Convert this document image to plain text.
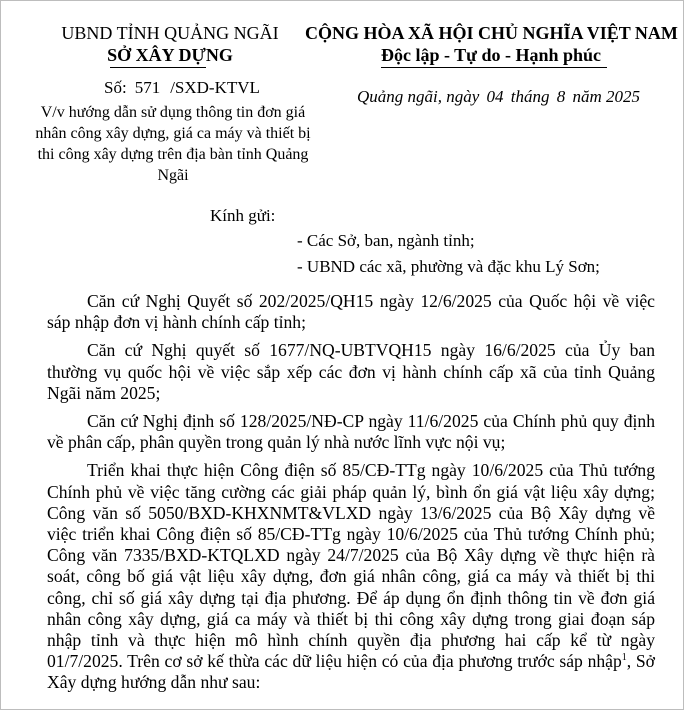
UBND TỈNH QUẢNG NGÃI
SỞ XÂY DỰNG
CỘNG HÒA XÃ HỘI CHỦ NGHĨA VIỆT NAM
Độc lập - Tự do - Hạnh phúc
Số: 571 /SXD-KTVL	Quảng ngãi, ngày 04 tháng 8 năm 2025
V/v hướng dẫn sử dụng thông tin đơn giá nhân công xây dựng, giá ca máy và thiết bị thi công xây dựng trên địa bàn tỉnh Quảng Ngãi
Kính gửi:
- Các Sở, ban, ngành tỉnh;
- UBND các xã, phường và đặc khu Lý Sơn;

Căn cứ Nghị Quyết số 202/2025/QH15 ngày 12/6/2025 của Quốc hội về việc sáp nhập đơn vị hành chính cấp tỉnh;

Căn cứ Nghị quyết số 1677/NQ-UBTVQH15 ngày 16/6/2025 của Ủy ban thường vụ quốc hội về việc sắp xếp các đơn vị hành chính cấp xã của tỉnh Quảng Ngãi năm 2025;

Căn cứ Nghị định số 128/2025/NĐ-CP ngày 11/6/2025 của Chính phủ quy định về phân cấp, phân quyền trong quản lý nhà nước lĩnh vực nội vụ;

Triển khai thực hiện Công điện số 85/CĐ-TTg ngày 10/6/2025 của Thủ tướng Chính phủ về việc tăng cường các giải pháp quản lý, bình ổn giá vật liệu xây dựng; Công văn số 5050/BXD-KHXNMT&VLXD ngày 13/6/2025 của Bộ Xây dựng về việc triển khai Công điện số 85/CĐ-TTg ngày 10/6/2025 của Thủ tướng Chính phủ; Công văn 7335/BXD-KTQLXD ngày 24/7/2025 của Bộ Xây dựng về thực hiện rà soát, công bố giá vật liệu xây dựng, đơn giá nhân công, giá ca máy và thiết bị thi công, chỉ số giá xây dựng tại địa phương. Để áp dụng ổn định thông tin về đơn giá nhân công xây dựng, giá ca máy và thiết bị thi công xây dựng trong giai đoạn sáp nhập tỉnh và thực hiện mô hình chính quyền địa phương hai cấp kể từ ngày 01/7/2025. Trên cơ sở kế thừa các dữ liệu hiện có của địa phương trước sáp nhập$^1$, Sở Xây dựng hướng dẫn như sau:
